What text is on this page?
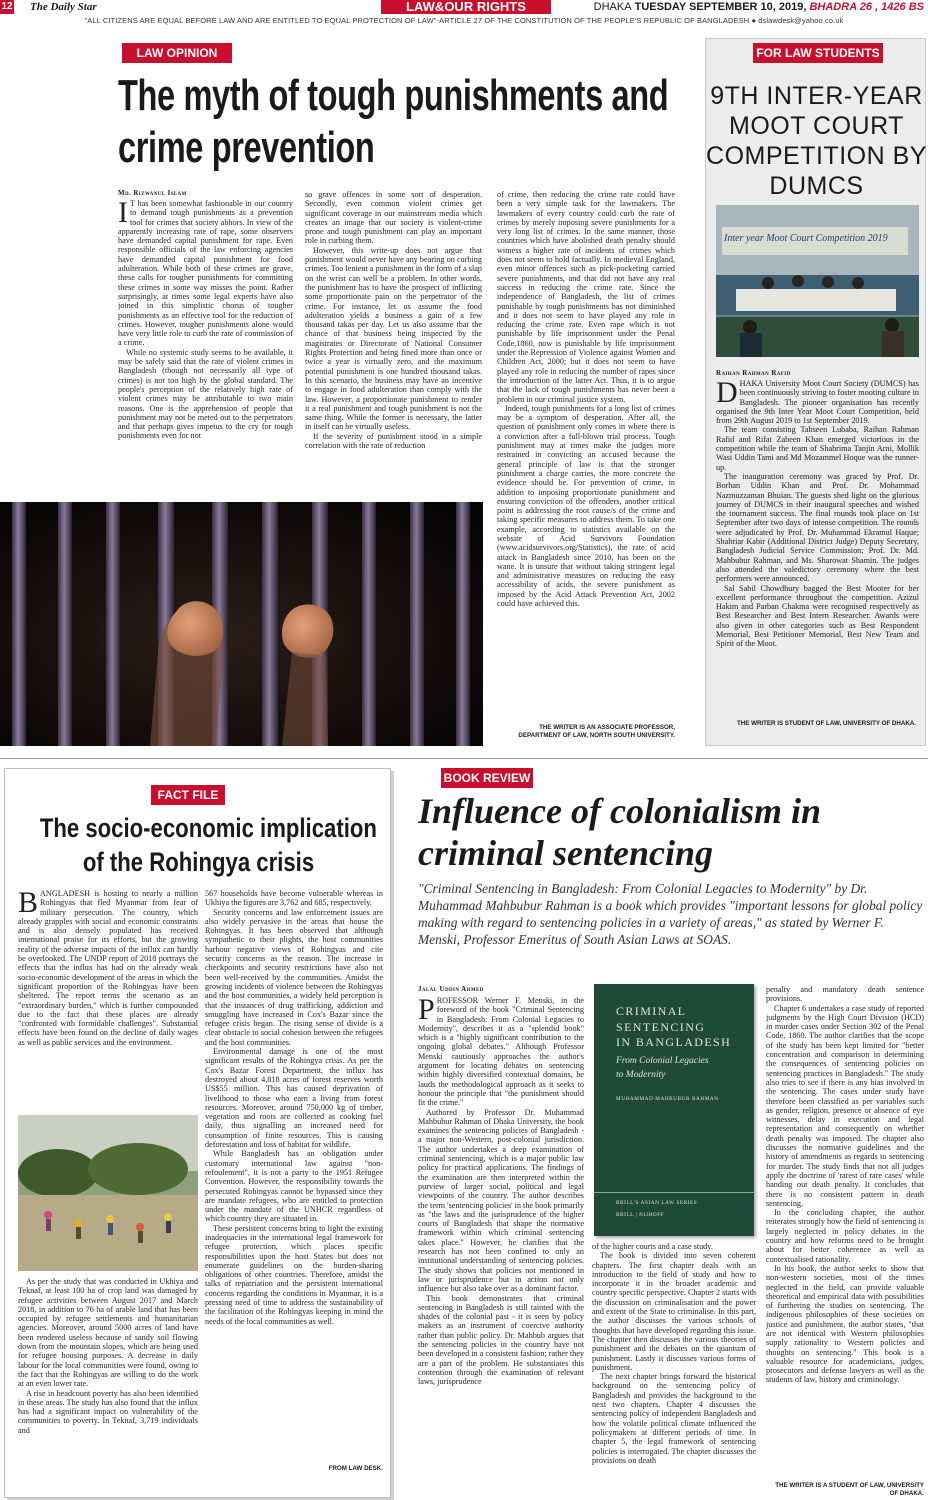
12 The Daily Star	LAW&OUR RIGHTS	DHAKA TUESDAY SEPTEMBER 10, 2019, BHADRA 26 , 1426 BS
"ALL CITIZENS ARE EQUAL BEFORE LAW AND ARE ENTITLED TO EQUAL PROTECTION OF LAW"-ARTICLE 27 OF THE CONSTITUTION OF THE PEOPLE'S REPUBLIC OF BANGLADESH ● dslawdesk@yahoo.co.uk
LAW OPINION
The myth of tough punishments and
crime prevention
Md. Rizwanul Islam

I T has been somewhat fashionable in our country to demand tough punishments as a prevention tool for crimes that society abhors. In view of the apparently increasing rate of rape, some observers have demanded capital punishment for rape. Even responsible officials of the law enforcing agencies have demanded capital punishment for food adulteration. While both of these crimes are grave, these calls for tougher punishments for committing these crimes in some way misses the point. Rather surprisingly, at times some legal experts have also joined in this simplistic chorus of tougher punishments as an effective tool for the reduction of crimes. However, tougher punishments alone would have very little role to curb the rate of commission of a crime.

While no systemic study seems to be available, it may be safely said that the rate of violent crimes in Bangladesh (though not necessarily all type of crimes) is not too high by the global standard. The people's perception of the relatively high rate of violent crimes may be attributable to two main reasons. One is the apprehension of people that punishment may not be meted out to the perpetrators and that perhaps gives impetus to the cry for tough punishments even for not

so grave offences in some sort of desperation. Secondly, even common violent crimes get significant coverage in our mainstream media which creates an image that our society is violent-crime prone and tough punishment can play an important role in curbing them.

However, this write-up does not argue that punishment would never have any bearing on curbing crimes. Too lenient a punishment in the form of a slap on the wrist can well be a problem. In other words, the punishment has to have the prospect of inflicting some proportionate pain on the perpetrator of the crime. For instance, let us assume the food adulteration yields a business a gain of a few thousand takas per day. Let us also assume that the chance of that business being inspected by the magistrates or Directorate of National Consumer Rights Protection and being fined more than once or twice a year is virtually zero, and the maximum potential punishment is one hundred thousand takas. In this scenario, the business may have an incentive to engage in food adulteration than comply with the law. However, a proportionate punishment to render it a real punishment and tough punishment is not the same thing. While the former is necessary, the latter in itself can be virtually useless.

If the severity of punishment stood in a simple correlation with the rate of reduction

of crime, then reducing the crime rate could have been a very simple task for the lawmakers. The lawmakers of every country could curb the rate of crimes by merely imposing severe punishments for a very long list of crimes. In the same manner, those countries which have abolished death penalty should witness a higher rate of incidents of crimes which does not seem to hold factually. In medieval England, even minor offences such as pick-pocketing carried severe punishments, and that did not have any real success in reducing the crime rate. Since the independence of Bangladesh, the list of crimes punishable by tough punishments has not diminished and it does not seem to have played any role in reducing the crime rate. Even rape which is not punishable by life imprisonment under the Penal Code,1860, now is punishable by life imprisonment under the Repression of Violence against Women and Children Act, 2000; but it does not seem to have played any role in reducing the number of rapes since the introduction of the latter Act. Thus, it is to argue that the lack of tough punishments has never been a problem in our criminal justice system.

Indeed, tough punishments for a long list of crimes may be a symptom of desperation. After all, the question of punishment only comes in where there is a conviction after a full-blown trial process. Tough punishment may at times make the judges more restrained in convicting an accused because the general principle of law is that the stronger punishment a charge carries, the more concrete the evidence should be. For prevention of crime, in addition to imposing proportionate punishment and ensuring conviction of the offenders, another critical point is addressing the root cause/s of the crime and taking specific measures to address them. To take one example, according to statistics available on the website of Acid Survivors Foundation (www.acidsurvivors.org/Statistics), the rate of acid attack in Bangladesh since 2010, has been on the wane. It is unsure that without taking stringent legal and administrative measures on reducing the easy accessibility of acids, the severe punishment as imposed by the Acid Attack Prevention Act, 2002 could have achieved this.

THE WRITER IS AN ASSOCIATE PROFESSOR, DEPARTMENT OF LAW, NORTH SOUTH UNIVERSITY.
FOR LAW STUDENTS
9TH INTER-YEAR
MOOT COURT
COMPETITION BY
DUMCS
Inter year Moot Court Competition 2019
Raihan Rahman Rafid

DHAKA University Moot Court Society (DUMCS) has been continuously striving to foster mooting culture in Bangladesh. The pioneer organisation has recently organised the 9th Inter Year Moot Court Competition, held from 29th August 2019 to 1st September 2019.

The team consisting Tahseen Lubaba, Raihan Rahman Rafid and Rifat Zabeen Khan emerged victorious in the competition while the team of Shahrima Tanjin Arni, Mollik Wasi Uddin Tami and Md Mozammel Hoque was the runner-up.

The inauguration ceremony was graced by Prof. Dr. Borhan Uddin Khan and Prof. Dr. Mohammad Nazmuzzaman Bhuian. The guests shed light on the glorious journey of DUMCS in their inaugural speeches and wished the tournament success. The final rounds took place on 1st September after two days of intense competition. The rounds were adjudicated by Prof. Dr. Muhammad Ekramul Haque; Shahriar Kabir (Additional District Judge) Deputy Secretary, Bangladesh Judicial Service Commission; Prof. Dr. Md. Mahbubur Rahman, and Ms. Sharowat Shamin. The judges also attended the valedictory ceremony where the best performers were announced.

Sal Sabil Chowdhury bagged the Best Mooter for her excellent performance throughout the competition. Azizul Hakim and Parban Chakma were recognised respectively as Best Researcher and Best Intern Researcher. Awards were also given in other categories such as Best Respondent Memorial, Best Petitioner Memorial, Best New Team and Spirit of the Moot.

THE WRITER IS STUDENT OF LAW, UNIVERSITY OF DHAKA.
FACT FILE
The socio-economic implication of the Rohingya crisis

BANGLADESH is hosting to nearly a million Rohingyas that fled Myanmar from fear of military persecution. The country, which already grapples with social and economic constraints and is also densely populated has received international praise for its efforts, but the growing reality of the adverse impacts of the influx can hardly be overlooked. The UNDP report of 2018 portrays the effects that the influx has had on the already weak socio-economic development of the areas in which the significant proportion of the Rohingyas have been sheltered. The report terms the scenario as an "extraordinary burden," which is further compounded due to the fact that these places are already "confronted with formidable challenges". Substantial effects have been found on the decline of daily wages as well as public services and the environment.

As per the study that was conducted in Ukhiya and Teknaf, at least 100 ha of crop land was damaged by refugee activities between August 2017 and March 2018, in addition to 76 ha of arable land that has been occupied by refugee settlements and humanitarian agencies. Moreover, around 5000 acres of land have been rendered useless because of sandy soil flowing down from the mountain slopes, which are being used for refugee housing purposes. A decrease in daily labour for the local communities were found, owing to the fact that the Rohingyas are willing to do the work at an even lower rate.

A rise in headcount poverty has also been identified in these areas. The study has also found that the influx has had a significant impact on vulnerability of the communities to poverty. In Teknaf, 3,719 individuals and

567 households have become vulnerable whereas in Ukhiya the figures are 3,762 and 685, respectively.

Security concerns and law enforcement issues are also widely pervasive in the areas that house the Rohingyas. It has been observed that although sympathetic to their plights, the host communities harbour negative views of Rohingyas and cite security concerns as the reason. The increase in checkpoints and security restrictions have also not been well-received by the communities. Amidst the growing incidents of violence between the Rohingyas and the host communities, a widely held perception is that the instances of drug trafficking, addiction and smuggling have increased in Cox's Bazar since the refugee crisis began. The rising sense of divide is a clear obstacle to social cohesion between the refugees and the host communities.

Environmental damage is one of the most significant results of the Rohingya crisis. As per the Cox's Bazar Forest Department, the influx has destroyed about 4,818 acres of forest reserves worth US$55 million. This has caused deprivation of livelihood to those who earn a living from forest resources. Moreover, around 750,000 kg of timber, vegetation and roots are collected as cooking fuel daily, thus signalling an increased need for consumption of finite resources. This is causing deforestation and loss of habitat for wildlife.

While Bangladesh has an obligation under customary international law against "non-refoulement", it is not a party to the 1951 Refugee Convention. However, the responsibility towards the persecuted Rohingyas cannot be bypassed since they are mandate refugees, who are entitled to protection under the mandate of the UNHCR regardless of which country they are situated in.

These persistent concerns bring to light the existing inadequacies in the international legal framework for refugee protection, which places specific responsibilities upon the host States but does not enumerate guidelines on the burden-sharing obligations of other countries. Therefore, amidst the talks of repatriation and the persistent international concerns regarding the conditions in Myanmar, it is a pressing need of time to address the sustainability of the facilitation of the Rohingyas keeping in mind the needs of the local communities as well.

FROM LAW DESK.
BOOK REVIEW
Influence of colonialism in
criminal sentencing
"Criminal Sentencing in Bangladesh: From Colonial Legacies to Modernity" by Dr. Muhammad Mahbubur Rahman is a book which provides "important lessons for global policy making with regard to sentencing policies in a variety of areas," as stated by Werner F. Menski, Professor Emeritus of South Asian Laws at SOAS.
Jalal Uddin Ahmed

PROFESSOR Werner F. Menski, in the foreword of the book "Criminal Sentencing in Bangladesh: From Colonial Legacies to Modernity", describes it as a "splendid book" which is a "highly significant contribution to the ongoing global debates." Although Professor Menski cautiously approaches the author's argument for locating debates on sentencing within highly diversified contextual domains, he lauds the methodological approach as it seeks to honour the principle that "the punishment should fit the crime."

Authored by Professor Dr. Muhammad Mahbubur Rahman of Dhaka University, the book examines the sentencing policies of Bangladesh - a major non-Western, post-colonial jurisdiction. The author undertakes a deep examination of criminal sentencing, which is a major public law policy for practical applications. The findings of the examination are then interpreted within the purview of larger social, political and legal viewpoints of the country. The author describes the term 'sentencing policies' in the book primarily as "the laws and the jurisprudence of the higher courts of Bangladesh that shape the normative framework within which criminal sentencing takes place." However, he clarifies that the research has not been confined to only an institutional understanding of sentencing policies. The study shows that policies not mentioned in law or jurisprudence but in action not only influence but also take over as a dominant factor.

This book demonstrates that criminal sentencing in Bangladesh is still tainted with the shades of the colonial past - it is seen by policy makers as an instrument of coercive authority rather than public policy. Dr. Mahbub argues that the sentencing policies in the country have not been developed in a consistent fashion; rather they are a part of the problem. He substantiates this contention through the examination of relevant laws, jurisprudence

CRIMINAL
SENTENCING
IN BANGLADESH
From Colonial Legacies
to Modernity
MUHAMMAD MAHBUBUR RAHMAN
BRILL'S ASIAN LAW SERIES
BRILL | NIJHOFF

of the higher courts and a case study.

The book is divided into seven coherent chapters. The first chapter deals with an introduction to the field of study and how to incorporate it in the broader academic and country specific perspective. Chapter 2 starts with the discussion on criminalisation and the power and extent of the State to criminalise. In this part, the author discusses the various schools of thoughts that have developed regarding this issue. The chapter then discusses the various theories of punishment and the debates on the quantum of punishment. Lastly it discusses various forms of punishment.

The next chapter brings forward the historical background on the sentencing policy of Bangladesh and provides the background to the next two chapters. Chapter 4 discusses the sentencing policy of independent Bangladesh and how the volatile political climate influenced the policymakers at different periods of time. In chapter 5, the legal framework of sentencing policies is interrogated. The chapter discusses the provisions on death

penalty and mandatory death sentence provisions.

Chapter 6 undertakes a case study of reported judgments by the High Court Division (HCD) in murder cases under Section 302 of the Penal Code, 1860. The author clarifies that the scope of the study has been kept limited for "better concentration and comparison in determining the consequences of sentencing policies on sentencing practices in Bangladesh." The study also tries to see if there is any bias involved in the sentencing. The cases under study have therefore been classified as per variables such as gender, religion, presence or absence of eye witnesses, delay in execution and legal representation and consequently on whether death penalty was imposed. The chapter also discusses the normative guidelines and the history of amendments as regards to sentencing for murder. The study finds that not all judges apply the doctrine of 'rarest of rare cases' while handing out death penalty. It concludes that there is no consistent pattern in death sentencing.

In the concluding chapter, the author reiterates strongly how the field of sentencing is largely neglected in policy debates in the country and how reforms need to be brought about for better coherence as well as contextualised rationality.

In his book, the author seeks to show that non-western societies, most of the times neglected in the field, can provide valuable theoretical and empirical data with possibilities of furthering the studies on sentencing. The indigenous philosophies of these societies on justice and punishment, the author states, "that are not identical with Western philosophies supply rationality to Western policies and thoughts on sentencing." This book is a valuable resource for academicians, judges, prosecutors and defense lawyers as well as the students of law, history and criminology.

THE WRITER IS A STUDENT OF LAW, UNIVERSITY OF DHAKA.
